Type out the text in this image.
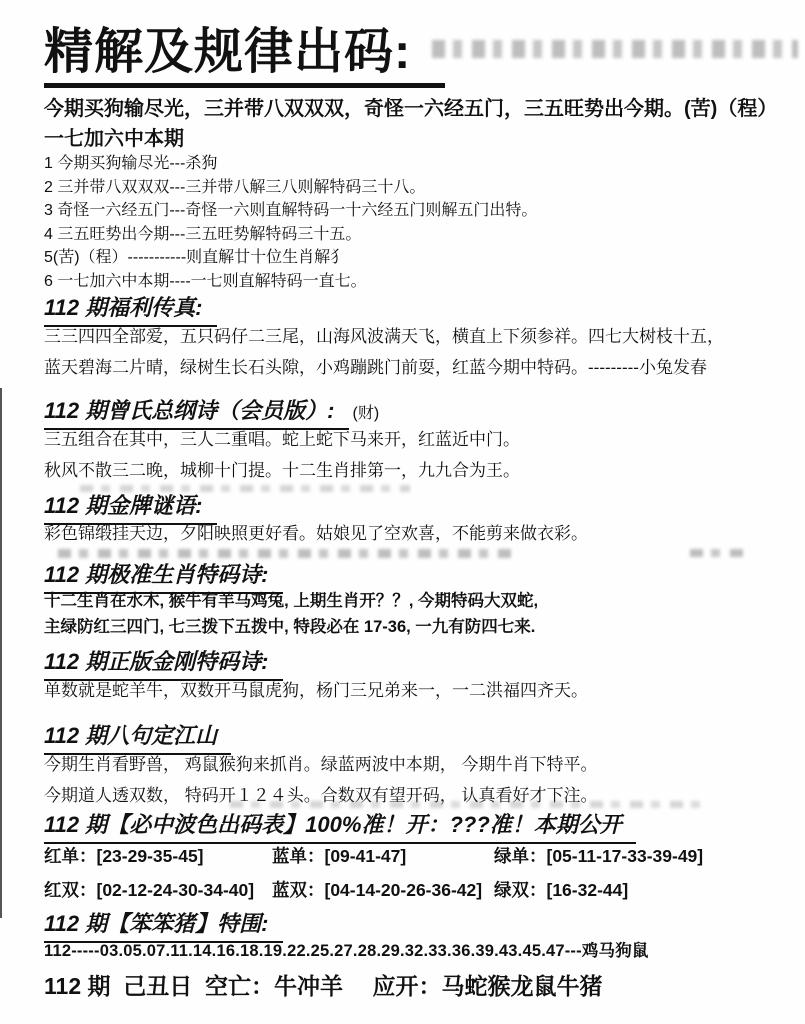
精解及规律出码:
今期买狗输尽光，三并带八双双双，奇怪一六经五门，三五旺势出今期。(苦)（程）一七加六中本期
1 今期买狗输尽光---杀狗
2 三并带八双双双---三并带八解三八则解特码三十八。
3 奇怪一六经五门---奇怪一六则直解特码一十六经五门则解五门出特。
4 三五旺势出今期---三五旺势解特码三十五。
5(苦)（程）-----------则直解廿十位生肖解犭
6 一七加六中本期----一七则直解特码一直七。
112 期福利传真:
三三四四全部爱，五只码仔二三尾，山海风波满天飞，横直上下须参祥。四七大树枝十五，
蓝天碧海二片晴，绿树生长石头隙，小鸡蹦跳门前耍，红蓝今期中特码。---------小兔发春
112 期曾氏总纲诗（会员版）: (财)
三五组合在其中，三人二重唱。蛇上蛇下马来开，红蓝近中门。
秋风不散三二晚，城柳十门提。十二生肖排第一，九九合为王。
112 期金牌谜语:
彩色锦缎挂天边，夕阳映照更好看。姑娘见了空欢喜，不能剪来做衣彩。
112 期极准生肖特码诗:
十二生肖在水木, 猴牛有羊马鸡兔, 上期生肖开？？, 今期特码大双蛇,
主绿防红三四门, 七三拨下五拨中, 特段必在 17-36, 一九有防四七来.
112 期正版金刚特码诗:
单数就是蛇羊牛，双数开马鼠虎狗，杨门三兄弟来一，一二洪福四齐天。
112 期八句定江山
今期生肖看野兽， 鸡鼠猴狗来抓肖。绿蓝两波中本期， 今期牛肖下特平。
今期道人透双数， 特码开１２４头。合数双有望开码， 认真看好才下注。
112 期【必中波色出码表】100%准！开：???准！本期公开
红单：[23-29-35-45]	蓝单：[09-41-47]	绿单：[05-11-17-33-39-49]
红双：[02-12-24-30-34-40]	蓝双：[04-14-20-26-36-42] 绿双：[16-32-44]
112 期【笨笨猪】特围:
112-----03.05.07.11.14.16.18.19.22.25.27.28.29.32.33.36.39.43.45.47---鸡马狗鼠
112 期  己丑日  空亡：牛冲羊　 应开：马蛇猴龙鼠牛猪
